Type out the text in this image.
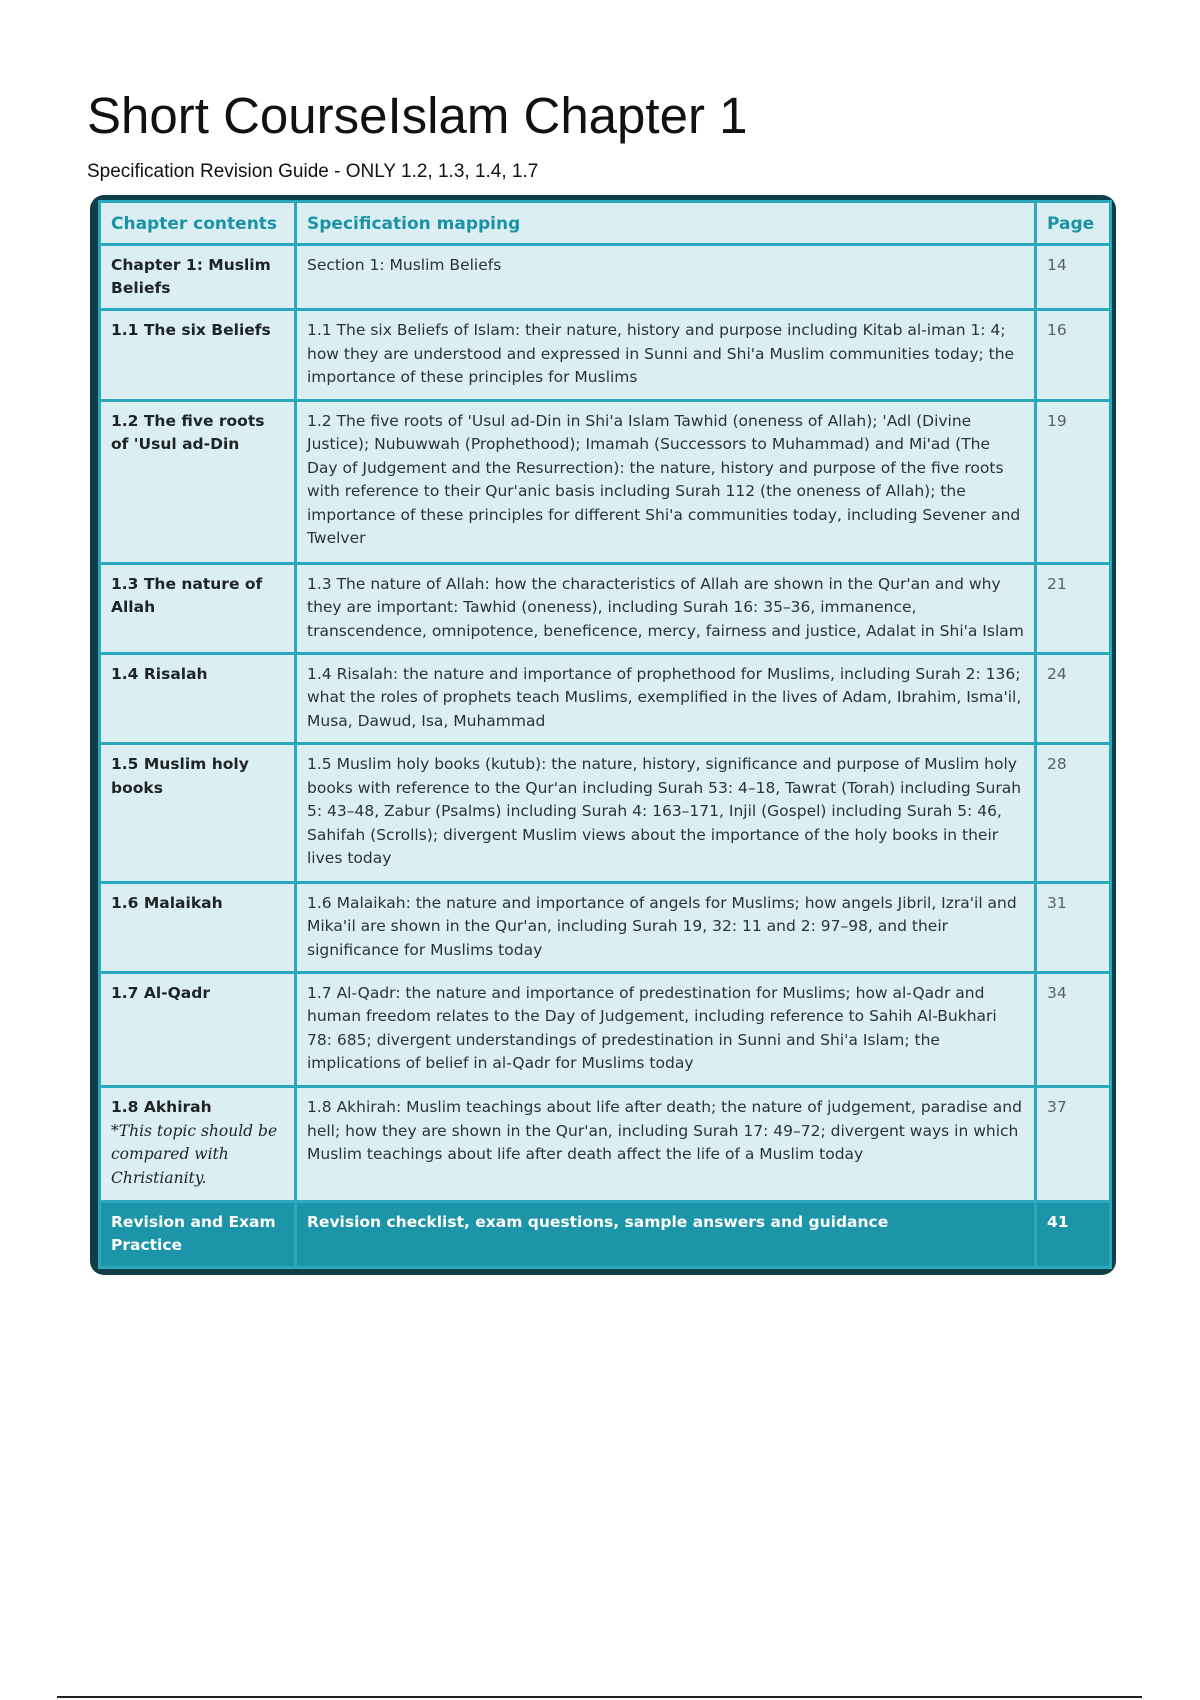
Short CourseIslam Chapter 1

Specification Revision Guide - ONLY 1.2, 1.3, 1.4, 1.7

Chapter contents	Specification mapping	Page
Chapter 1: Muslim Beliefs	Section 1: Muslim Beliefs	14
1.1 The six Beliefs	1.1 The six Beliefs of Islam: their nature, history and purpose including Kitab al-iman 1: 4; how they are understood and expressed in Sunni and Shi'a Muslim communities today; the importance of these principles for Muslims	16
1.2 The five roots of 'Usul ad-Din	1.2 The five roots of 'Usul ad-Din in Shi'a Islam Tawhid (oneness of Allah); 'Adl (Divine Justice); Nubuwwah (Prophethood); Imamah (Successors to Muhammad) and Mi'ad (The Day of Judgement and the Resurrection): the nature, history and purpose of the five roots with reference to their Qur'anic basis including Surah 112 (the oneness of Allah); the importance of these principles for different Shi'a communities today, including Sevener and Twelver	19
1.3 The nature of Allah	1.3 The nature of Allah: how the characteristics of Allah are shown in the Qur'an and why they are important: Tawhid (oneness), including Surah 16: 35–36, immanence, transcendence, omnipotence, beneficence, mercy, fairness and justice, Adalat in Shi'a Islam	21
1.4 Risalah	1.4 Risalah: the nature and importance of prophethood for Muslims, including Surah 2: 136; what the roles of prophets teach Muslims, exemplified in the lives of Adam, Ibrahim, Isma'il, Musa, Dawud, Isa, Muhammad	24
1.5 Muslim holy books	1.5 Muslim holy books (kutub): the nature, history, significance and purpose of Muslim holy books with reference to the Qur'an including Surah 53: 4–18, Tawrat (Torah) including Surah 5: 43–48, Zabur (Psalms) including Surah 4: 163–171, Injil (Gospel) including Surah 5: 46, Sahifah (Scrolls); divergent Muslim views about the importance of the holy books in their lives today	28
1.6 Malaikah	1.6 Malaikah: the nature and importance of angels for Muslims; how angels Jibril, Izra'il and Mika'il are shown in the Qur'an, including Surah 19, 32: 11 and 2: 97–98, and their significance for Muslims today	31
1.7 Al-Qadr	1.7 Al-Qadr: the nature and importance of predestination for Muslims; how al-Qadr and human freedom relates to the Day of Judgement, including reference to Sahih Al-Bukhari 78: 685; divergent understandings of predestination in Sunni and Shi'a Islam; the implications of belief in al-Qadr for Muslims today	34
1.8 Akhirah
*This topic should be compared with Christianity.	1.8 Akhirah: Muslim teachings about life after death; the nature of judgement, paradise and hell; how they are shown in the Qur'an, including Surah 17: 49–72; divergent ways in which Muslim teachings about life after death affect the life of a Muslim today	37
Revision and Exam Practice	Revision checklist, exam questions, sample answers and guidance	41
